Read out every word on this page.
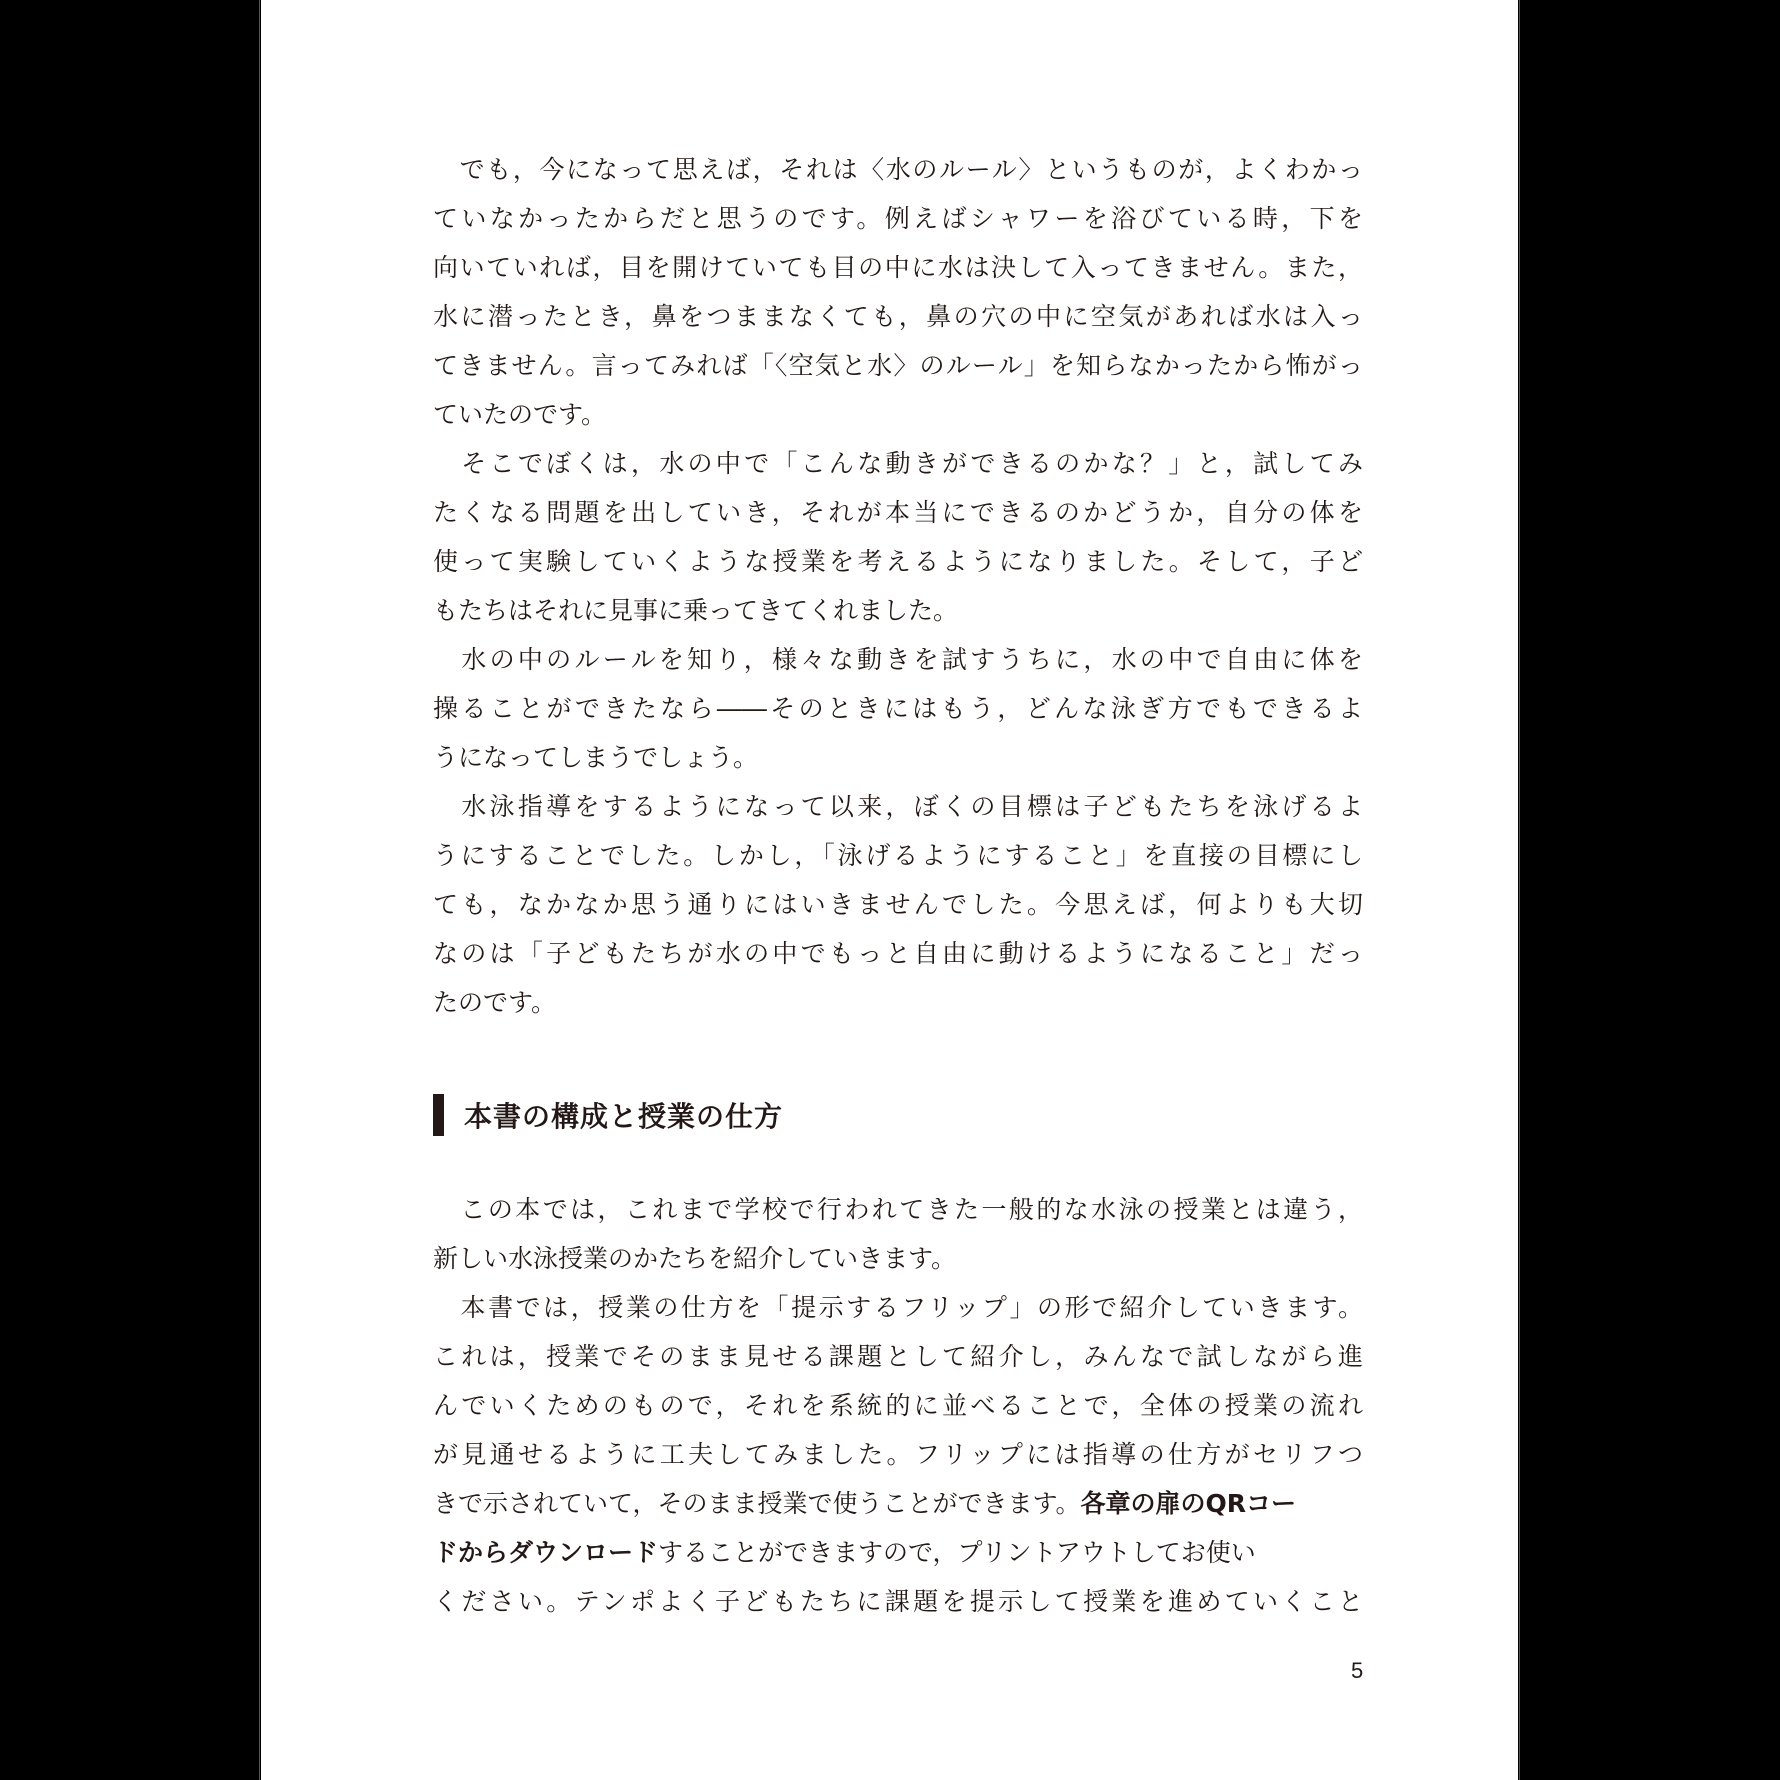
　でも，今になって思えば，それは〈水のルール〉というものが，よくわかっ
ていなかったからだと思うのです。例えばシャワーを浴びている時，下を
向いていれば，目を開けていても目の中に水は決して入ってきません。また，
水に潜ったとき，鼻をつままなくても，鼻の穴の中に空気があれば水は入っ
てきません。言ってみれば「〈空気と水〉のルール」を知らなかったから怖がっ
ていたのです。
　そこでぼくは，水の中で「こんな動きができるのかな？」と，試してみ
たくなる問題を出していき，それが本当にできるのかどうか，自分の体を
使って実験していくような授業を考えるようになりました。そして，子ど
もたちはそれに見事に乗ってきてくれました。
　水の中のルールを知り，様々な動きを試すうちに，水の中で自由に体を
操ることができたなら――そのときにはもう，どんな泳ぎ方でもできるよ
うになってしまうでしょう。
　水泳指導をするようになって以来，ぼくの目標は子どもたちを泳げるよ
うにすることでした。しかし，「泳げるようにすること」を直接の目標にし
ても，なかなか思う通りにはいきませんでした。今思えば，何よりも大切
なのは「子どもたちが水の中でもっと自由に動けるようになること」だっ
たのです。
本書の構成と授業の仕方
　この本では，これまで学校で行われてきた一般的な水泳の授業とは違う，
新しい水泳授業のかたちを紹介していきます。
　本書では，授業の仕方を「提示するフリップ」の形で紹介していきます。
これは，授業でそのまま見せる課題として紹介し，みんなで試しながら進
んでいくためのもので，それを系統的に並べることで，全体の授業の流れ
が見通せるように工夫してみました。フリップには指導の仕方がセリフつ
きで示されていて，そのまま授業で使うことができます。 各章の扉のQRコー
ドからダウンロード することができますので，プリントアウトしてお使い
ください。テンポよく子どもたちに課題を提示して授業を進めていくこと
5
